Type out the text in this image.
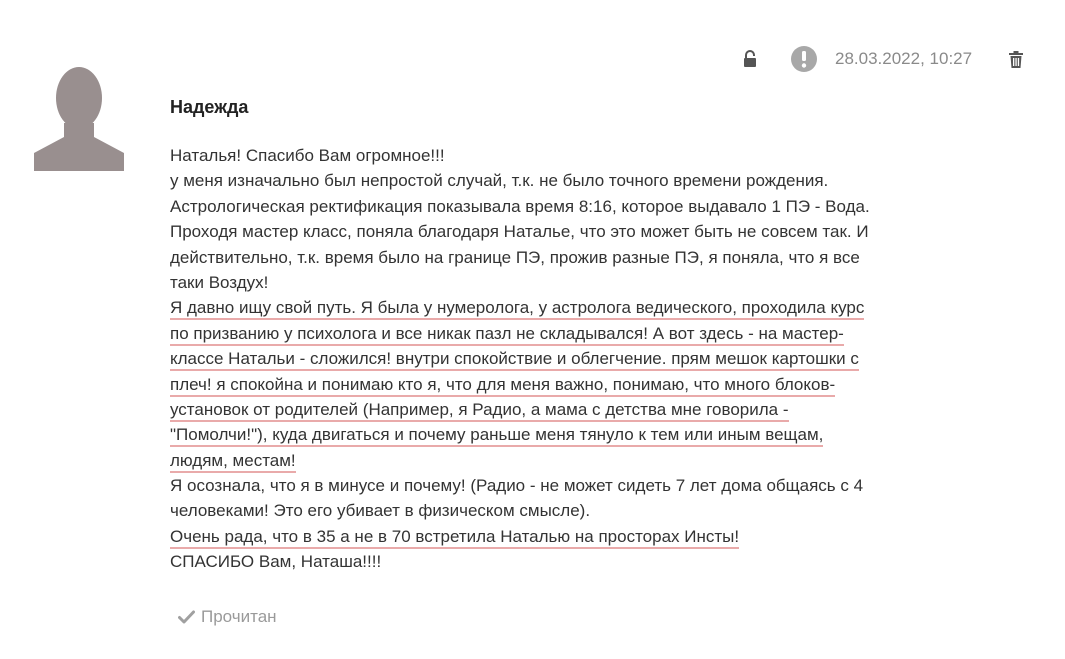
28.03.2022, 10:27
Надежда
Наталья! Спасибо Вам огромное!!!
у меня изначально был непростой случай, т.к. не было точного времени рождения.
Астрологическая ректификация показывала время 8:16, которое выдавало 1 ПЭ - Вода.
Проходя мастер класс, поняла благодаря Наталье, что это может быть не совсем так. И
действительно, т.к. время было на границе ПЭ, прожив разные ПЭ, я поняла, что я все
таки Воздух!
Я давно ищу свой путь. Я была у нумеролога, у астролога ведического, проходила курс
по призванию у психолога и все никак пазл не складывался! А вот здесь - на мастер-
классе Натальи - сложился! внутри спокойствие и облегчение. прям мешок картошки с
плеч! я спокойна и понимаю кто я, что для меня важно, понимаю, что много блоков-
установок от родителей (Например, я Радио, а мама с детства мне говорила -
"Помолчи!"), куда двигаться и почему раньше меня тянуло к тем или иным вещам,
людям, местам!
Я осознала, что я в минусе и почему! (Радио - не может сидеть 7 лет дома общаясь с 4
человеками! Это его убивает в физическом смысле).
Очень рада, что в 35 а не в 70 встретила Наталью на просторах Инсты!
СПАСИБО Вам, Наташа!!!!
Прочитан
